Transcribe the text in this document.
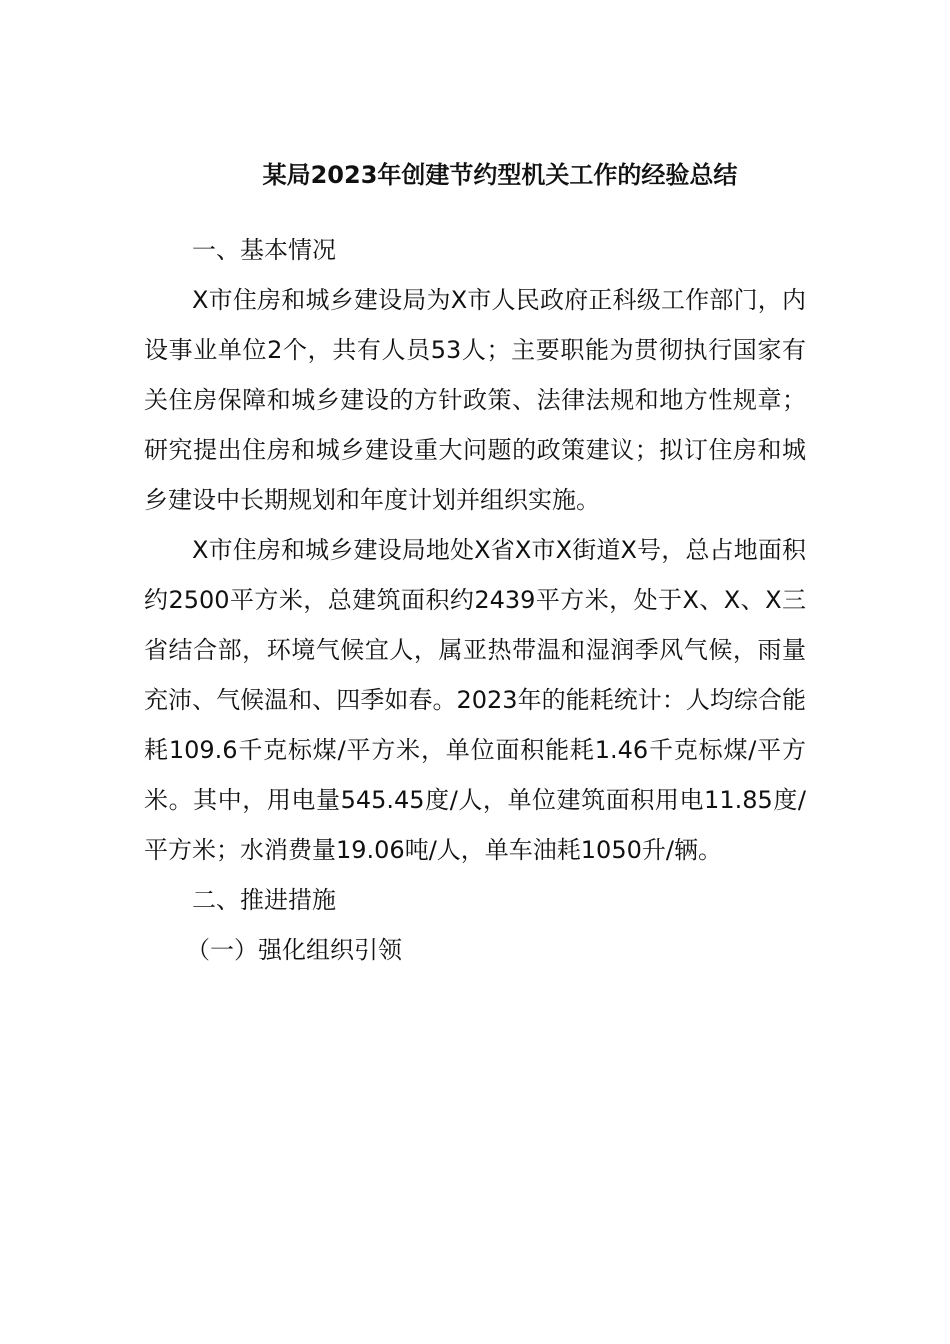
某局2023年创建节约型机关工作的经验总结

一、基本情况

X市住房和城乡建设局为X市人民政府正科级工作部门，内设事业单位2个，共有人员53人；主要职能为贯彻执行国家有关住房保障和城乡建设的方针政策、法律法规和地方性规章；研究提出住房和城乡建设重大问题的政策建议；拟订住房和城乡建设中长期规划和年度计划并组织实施。

X市住房和城乡建设局地处X省X市X街道X号，总占地面积约2500平方米，总建筑面积约2439平方米，处于X、X、X三省结合部，环境气候宜人，属亚热带温和湿润季风气候，雨量充沛、气候温和、四季如春。2023年的能耗统计：人均综合能耗109.6千克标煤/平方米，单位面积能耗1.46千克标煤/平方米。其中，用电量545.45度/人，单位建筑面积用电11.85度/平方米；水消费量19.06吨/人，单车油耗1050升/辆。

二、推进措施

（一）强化组织引领
